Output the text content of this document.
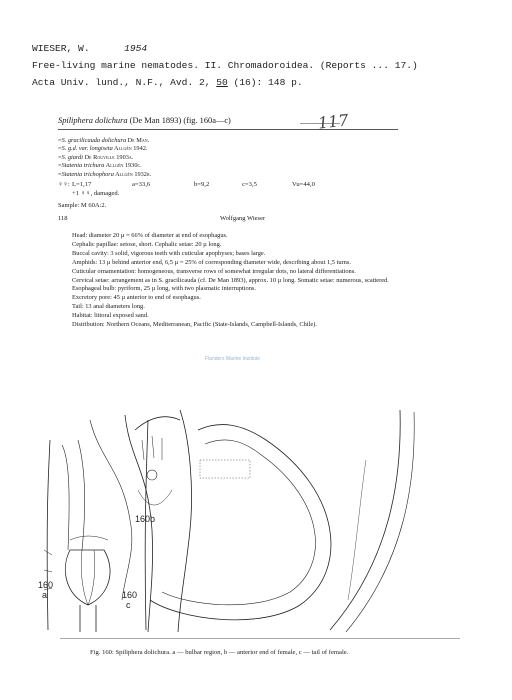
WIESER, W.	1954
Free-living marine nematodes. II. Chromadoroidea. (Reports ... 17.)
Acta Univ. lund., N.F., Avd. 2, 50 (16): 148 p.
117
Spiliphera dolichura (De Man 1893) (fig. 160a—c)
=S. gracilicauda dolichura De Man.
=S. g.d. var. longiseta Allgén 1942.
=S. giardi De Rouville 1903a.
=Statenia trichura Allgén 1930c.
=Statenia trichophora Allgén 1932b.
♀♀: L=1,17	a=33,6	b=9,2	c=3,5	Vu=44,0
+1 ♀♀, damaged.
Sample: M 60A:2.
118	Wolfgang Wieser

Head: diameter 20 µ = 66% of diameter at end of esophagus.

Cephalic papillae: setose, short. Cephalic setae: 20 µ long.

Buccal cavity: 3 solid, vigorous teeth with cuticular apophyses; bases large.

Amphids: 13 µ behind anterior end, 6,5 µ = 25% of corresponding diameter wide, describing about 1,5 turns.

Cuticular ornamentation: homogeneous, transverse rows of somewhat irregular dots, no lateral differentiations.

Cervical setae: arrangement as in S. gracilicauda (cf. De Man 1893), approx. 10 µ long. Somatic setae: numerous, scattered.

Esophageal bulb: pyriform, 25 µ long, with two plasmatic interruptions.

Excretory pore: 45 µ anterior to end of esophagus.

Tail: 13 anal diameters long.

Habitat: littoral exposed sand.

Distribution: Northern Oceans, Mediterranean, Pacific (State-Islands, Campbell-Islands, Chile).

Flanders Marine Institute
160
a
160b
160
c
Fig. 160: Spiliphera dolichura. a — bulbar region, b — anterior end of female, c — tail of female.
